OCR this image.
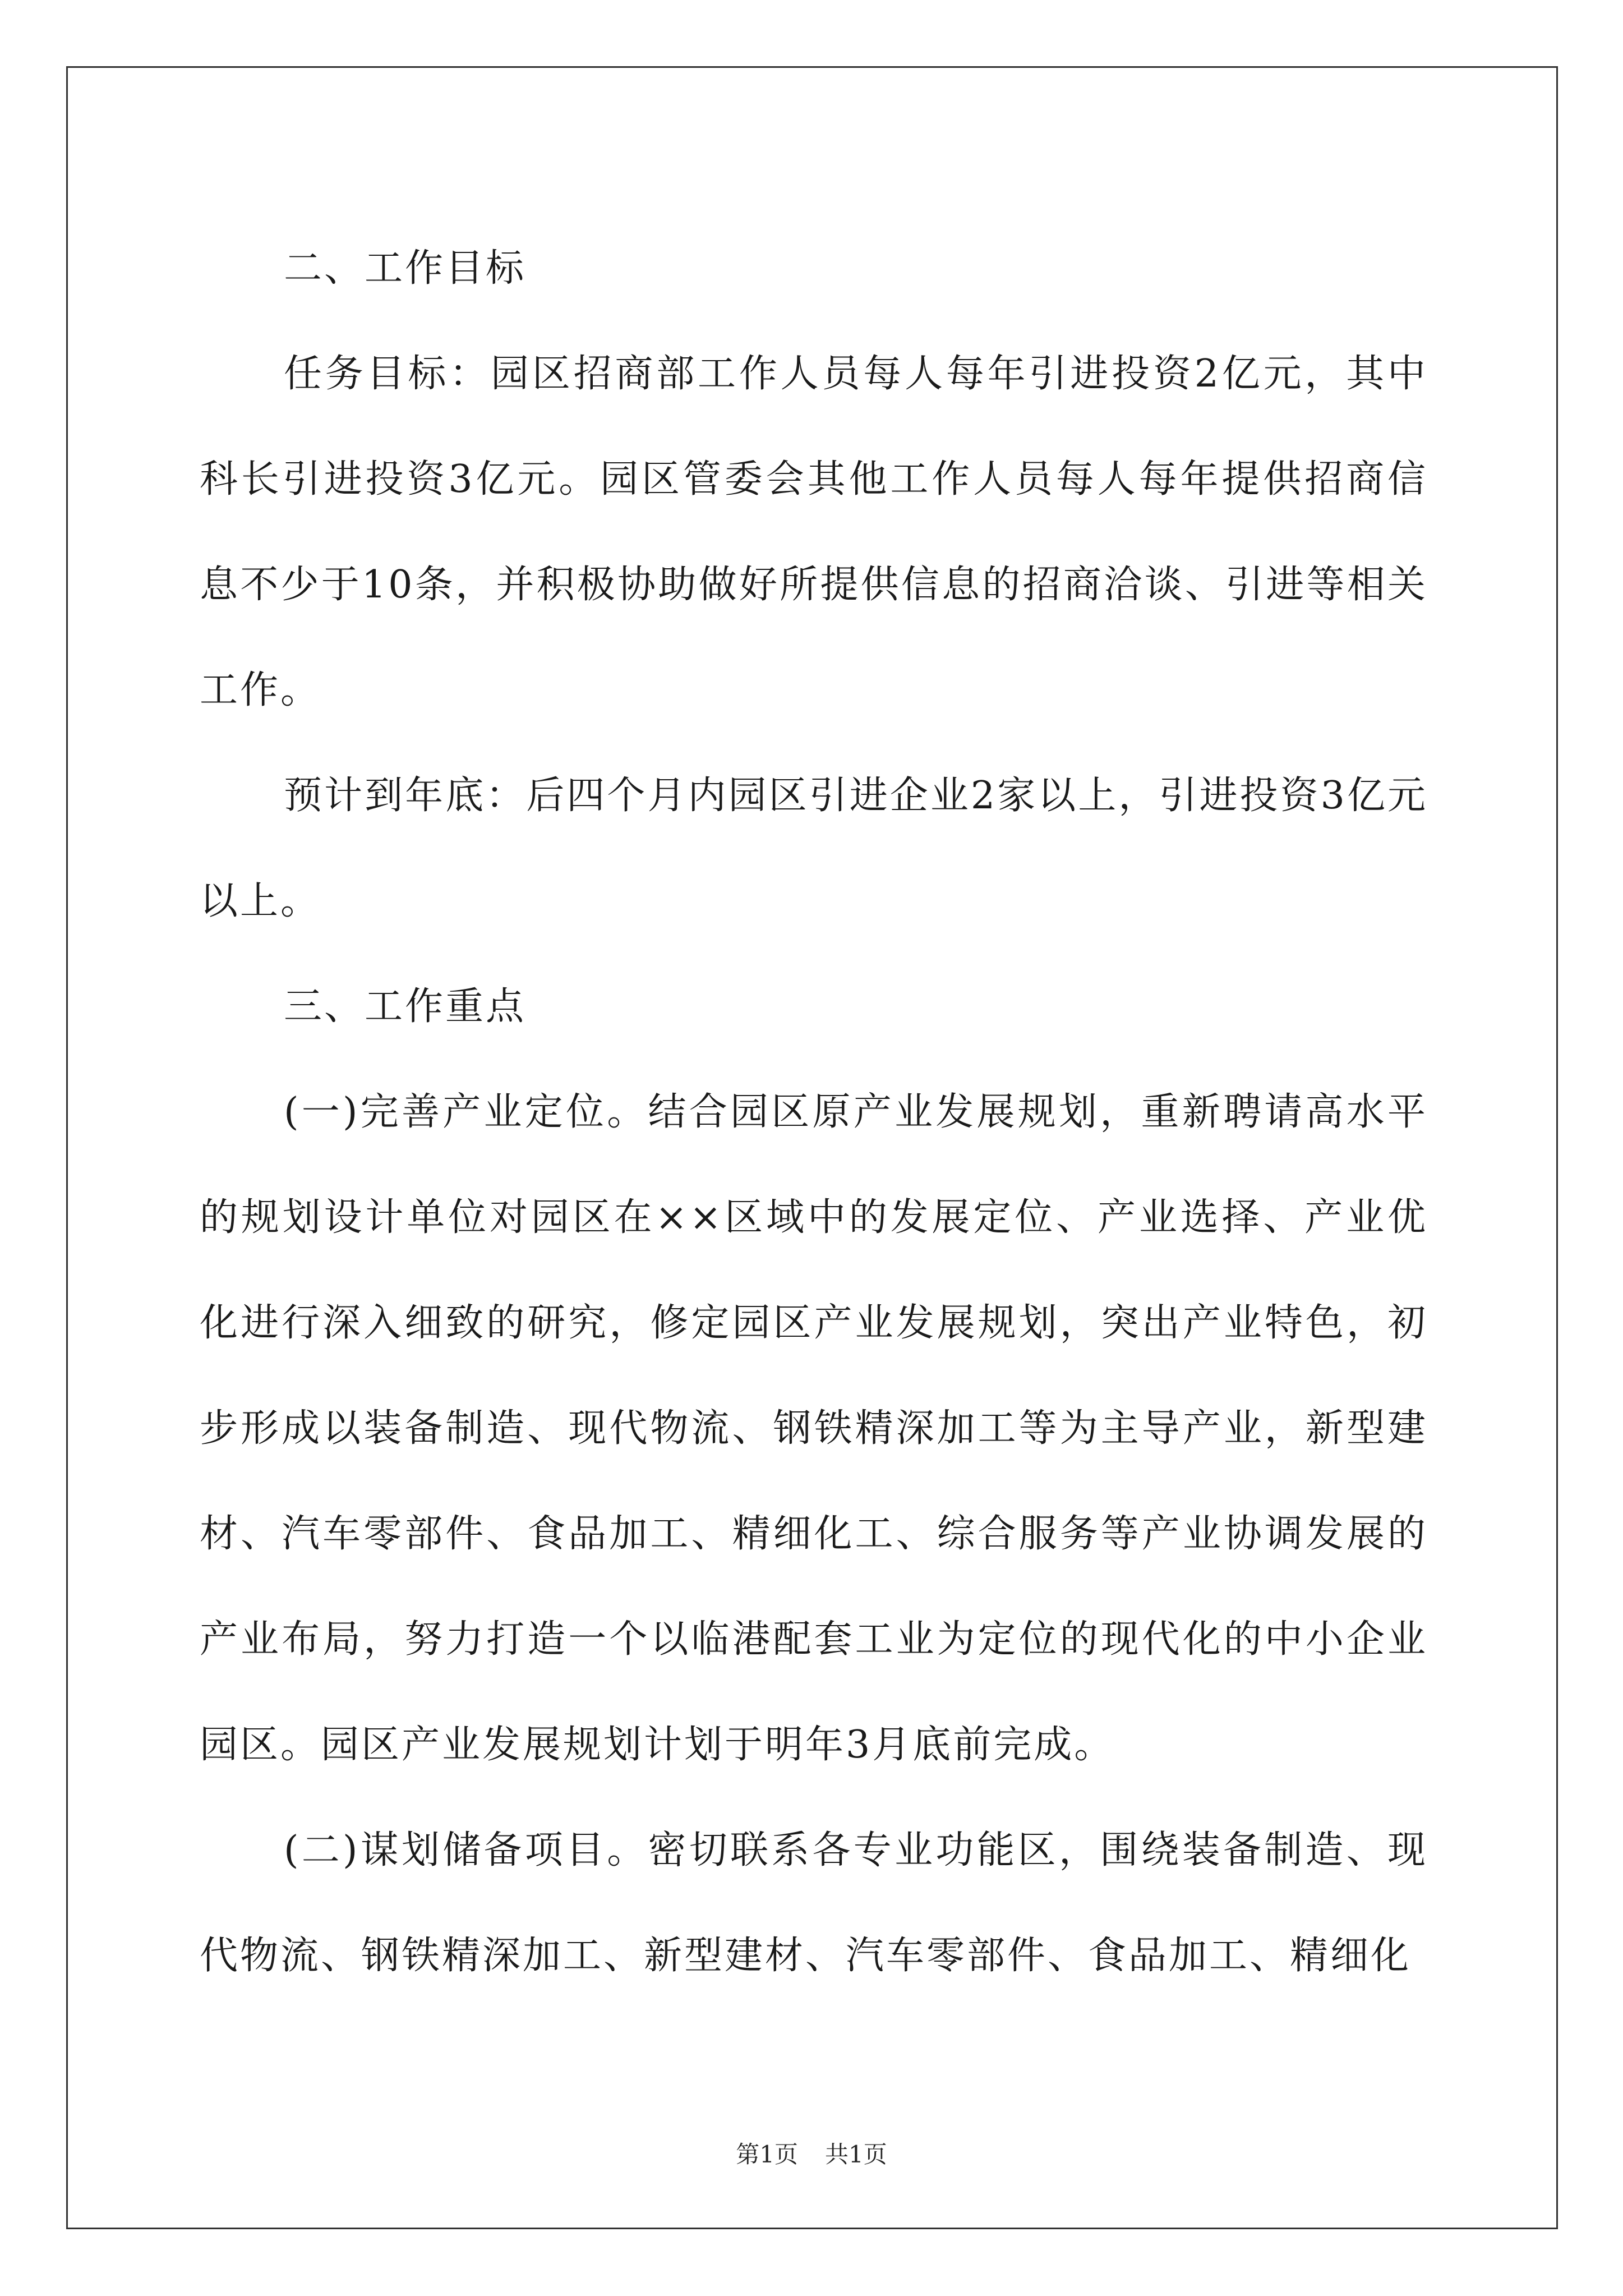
二、工作目标

任务目标：园区招商部工作人员每人每年引进投资2亿元，其中科长引进投资3亿元。园区管委会其他工作人员每人每年提供招商信息不少于10条，并积极协助做好所提供信息的招商洽谈、引进等相关工作。

预计到年底：后四个月内园区引进企业2家以上，引进投资3亿元以上。

三、工作重点

(一)完善产业定位。结合园区原产业发展规划，重新聘请高水平的规划设计单位对园区在××区域中的发展定位、产业选择、产业优化进行深入细致的研究，修定园区产业发展规划，突出产业特色，初步形成以装备制造、现代物流、钢铁精深加工等为主导产业，新型建材、汽车零部件、食品加工、精细化工、综合服务等产业协调发展的产业布局，努力打造一个以临港配套工业为定位的现代化的中小企业园区。园区产业发展规划计划于明年3月底前完成。

(二)谋划储备项目。密切联系各专业功能区，围绕装备制造、现代物流、钢铁精深加工、新型建材、汽车零部件、食品加工、精细化

第1页 共1页
